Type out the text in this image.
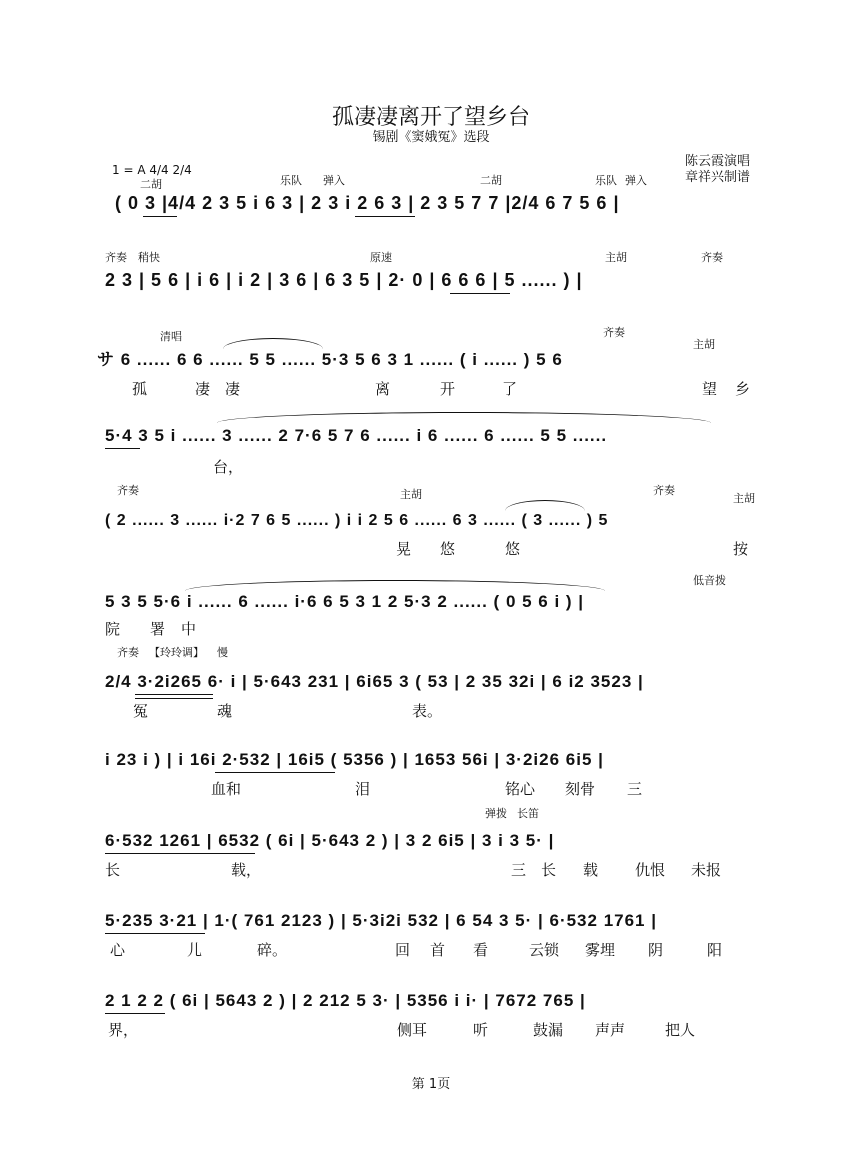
孤凄凄离开了望乡台
锡剧《窦娥冤》选段
陈云霞演唱
章祥兴制谱
1 = A 4/4 2/4
二胡	乐队 弹入	二胡	乐队 弹入
( 0 3 |4/4 2 3 5 i 6 3 | 2 3 i 2 6 3 | 2 3 5 7 7 |2/4 6 7 5 6 |
齐奏 稍快	原速	主胡	齐奏
2 3 | 5 6 | i 6 | i 2 | 3 6 | 6 3 5 | 2· 0 | 6 6 6 | 5 ...... ) |
清唱	齐奏
主胡
サ 6 ...... 6 6 ...... 5 5 ...... 5·3 5 6 3 1 ...... ( i ...... ) 5 6
孤	凄 凄	离	开	了	望 乡
5·4 3 5 i ...... 3 ...... 2 7·6 5 7 6 ...... i 6 ...... 6 ...... 5 5 ......
台，
齐奏	主胡	齐奏
主胡
( 2 ...... 3 ...... i·2 7 6 5 ...... ) i i 2 5 6 ...... 6 3 ...... ( 3 ...... ) 5
晃 悠	悠	按
低音拨
5 3 5 5·6 i ...... 6 ...... i·6 6 5 3 1 2 5·3 2 ...... ( 0 5 6 i ) |
院 署 中
齐奏 【玲玲调】 慢
2/4 3·2i265 6· i | 5·643 231 | 6i65 3 ( 53 | 2 35 32i | 6 i2 3523 |
冤	魂	表。
i 23 i ) | i 16i 2·532 | 16i5 ( 5356 ) | 1653 56i | 3·2i26 6i5 |
血和	泪	铭心 刻骨 三
弹拨 长笛
6·532 1261 | 6532 ( 6i | 5·643 2 ) | 3 2 6i5 | 3 i 3 5· |
长	载，	三 长 载 仇恨 未报
5·235 3·21 | 1·( 761 2123 ) | 5·3i2i 532 | 6 54 3 5· | 6·532 1761 |
心	儿	碎。	回 首 看	云锁 雾埋 阴	阳
2 1 2 2 ( 6i | 5643 2 ) | 2 212 5 3· | 5356 i i· | 7672 765 |
界，	侧耳	听	鼓漏 声声	把人
第 1页
